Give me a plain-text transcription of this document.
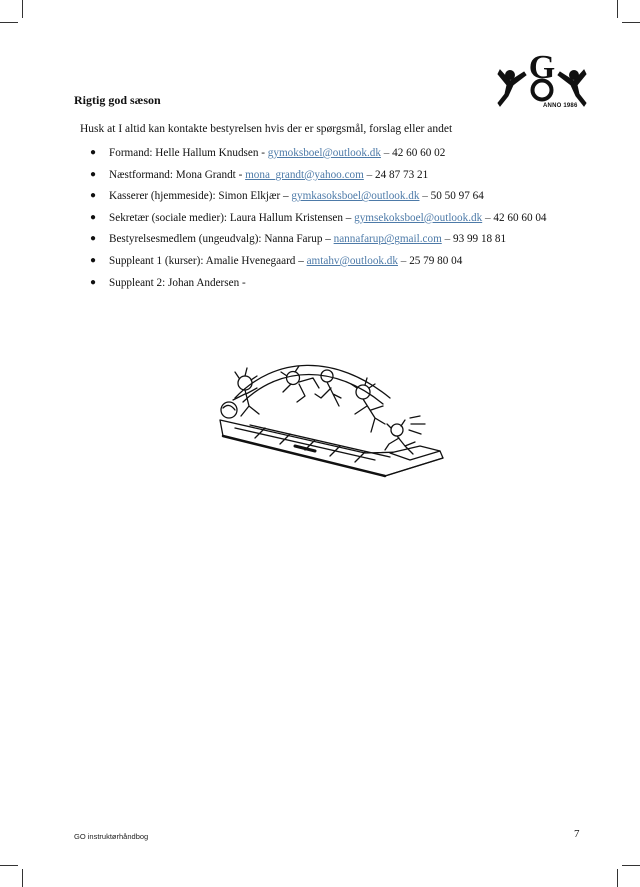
G
ANNO 1986
Rigtig god sæson
Husk at I altid kan kontakte bestyrelsen hvis der er spørgsmål, forslag eller andet
● Formand: Helle Hallum Knudsen - gymoksboel@outlook.dk – 42 60 60 02
● Næstformand: Mona Grandt - mona_grandt@yahoo.com – 24 87 73 21
● Kasserer (hjemmeside): Simon Elkjær – gymkasoksboel@outlook.dk – 50 50 97 64
● Sekretær (sociale medier): Laura Hallum Kristensen – gymsekoksboel@outlook.dk – 42 60 60 04
● Bestyrelsesmedlem (ungeudvalg): Nanna Farup – nannafarup@gmail.com – 93 99 18 81
● Suppleant 1 (kurser): Amalie Hvenegaard – amtahv@outlook.dk – 25 79 80 04
● Suppleant 2: Johan Andersen -
GO instruktørhåndbog	7
